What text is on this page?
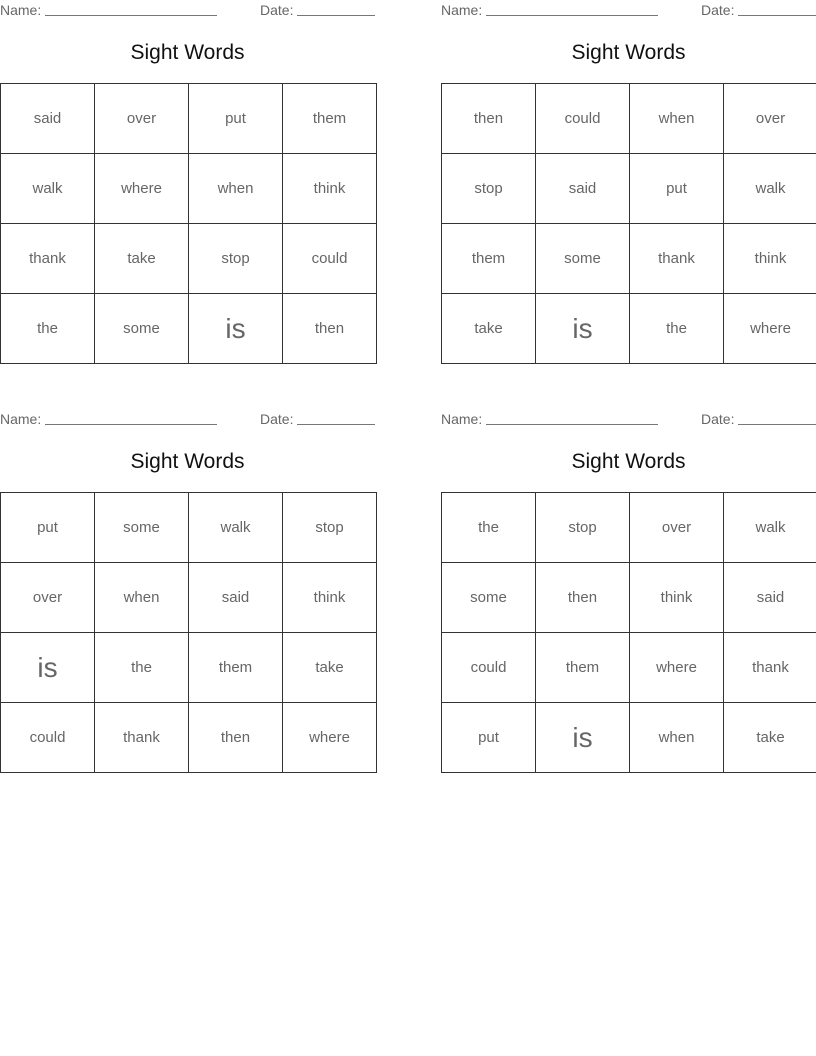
Name:	Date:
Sight Words
said	over	put	them
walk	where	when	think
thank	take	stop	could
the	some	is	then
Name:	Date:
Sight Words
then	could	when	over
stop	said	put	walk
them	some	thank	think
take	is	the	where
Name:	Date:
Sight Words
put	some	walk	stop
over	when	said	think
is	the	them	take
could	thank	then	where
Name:	Date:
Sight Words
the	stop	over	walk
some	then	think	said
could	them	where	thank
put	is	when	take
